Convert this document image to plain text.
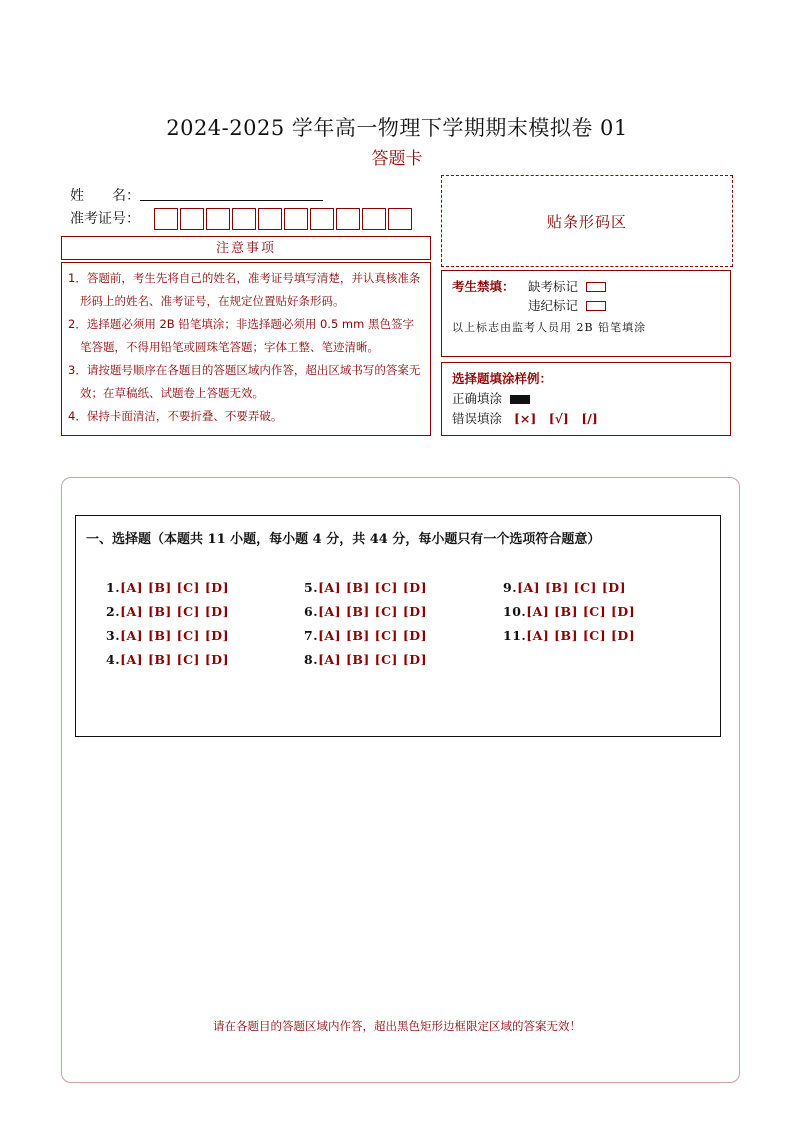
2024-2025 学年高一物理下学期期末模拟卷 01
答题卡
姓　　名：
准考证号：
注意事项

1．答题前，考生先将自己的姓名，准考证号填写清楚，并认真核准条形码上的姓名、准考证号，在规定位置贴好条形码。

2．选择题必须用 2B 铅笔填涂；非选择题必须用 0.5 mm 黑色签字笔答题，不得用铅笔或圆珠笔答题；字体工整、笔迹清晰。

3．请按题号顺序在各题目的答题区域内作答，超出区域书写的答案无效；在草稿纸、试题卷上答题无效。

4．保持卡面清洁，不要折叠、不要弄破。

贴条形码区
考生禁填： 缺考标记
违纪标记
以上标志由监考人员用 2B 铅笔填涂
选择题填涂样例：
正确填涂
错误填涂 [×]　[√]　[/]
一、选择题（本题共 11 小题，每小题 4 分，共 44 分，每小题只有一个选项符合题意）
1.[A] [B] [C] [D]
2.[A] [B] [C] [D]
3.[A] [B] [C] [D]
4.[A] [B] [C] [D]
5.[A] [B] [C] [D]
6.[A] [B] [C] [D]
7.[A] [B] [C] [D]
8.[A] [B] [C] [D]
9.[A] [B] [C] [D]
10.[A] [B] [C] [D]
11.[A] [B] [C] [D]
请在各题目的答题区域内作答，超出黑色矩形边框限定区域的答案无效！
